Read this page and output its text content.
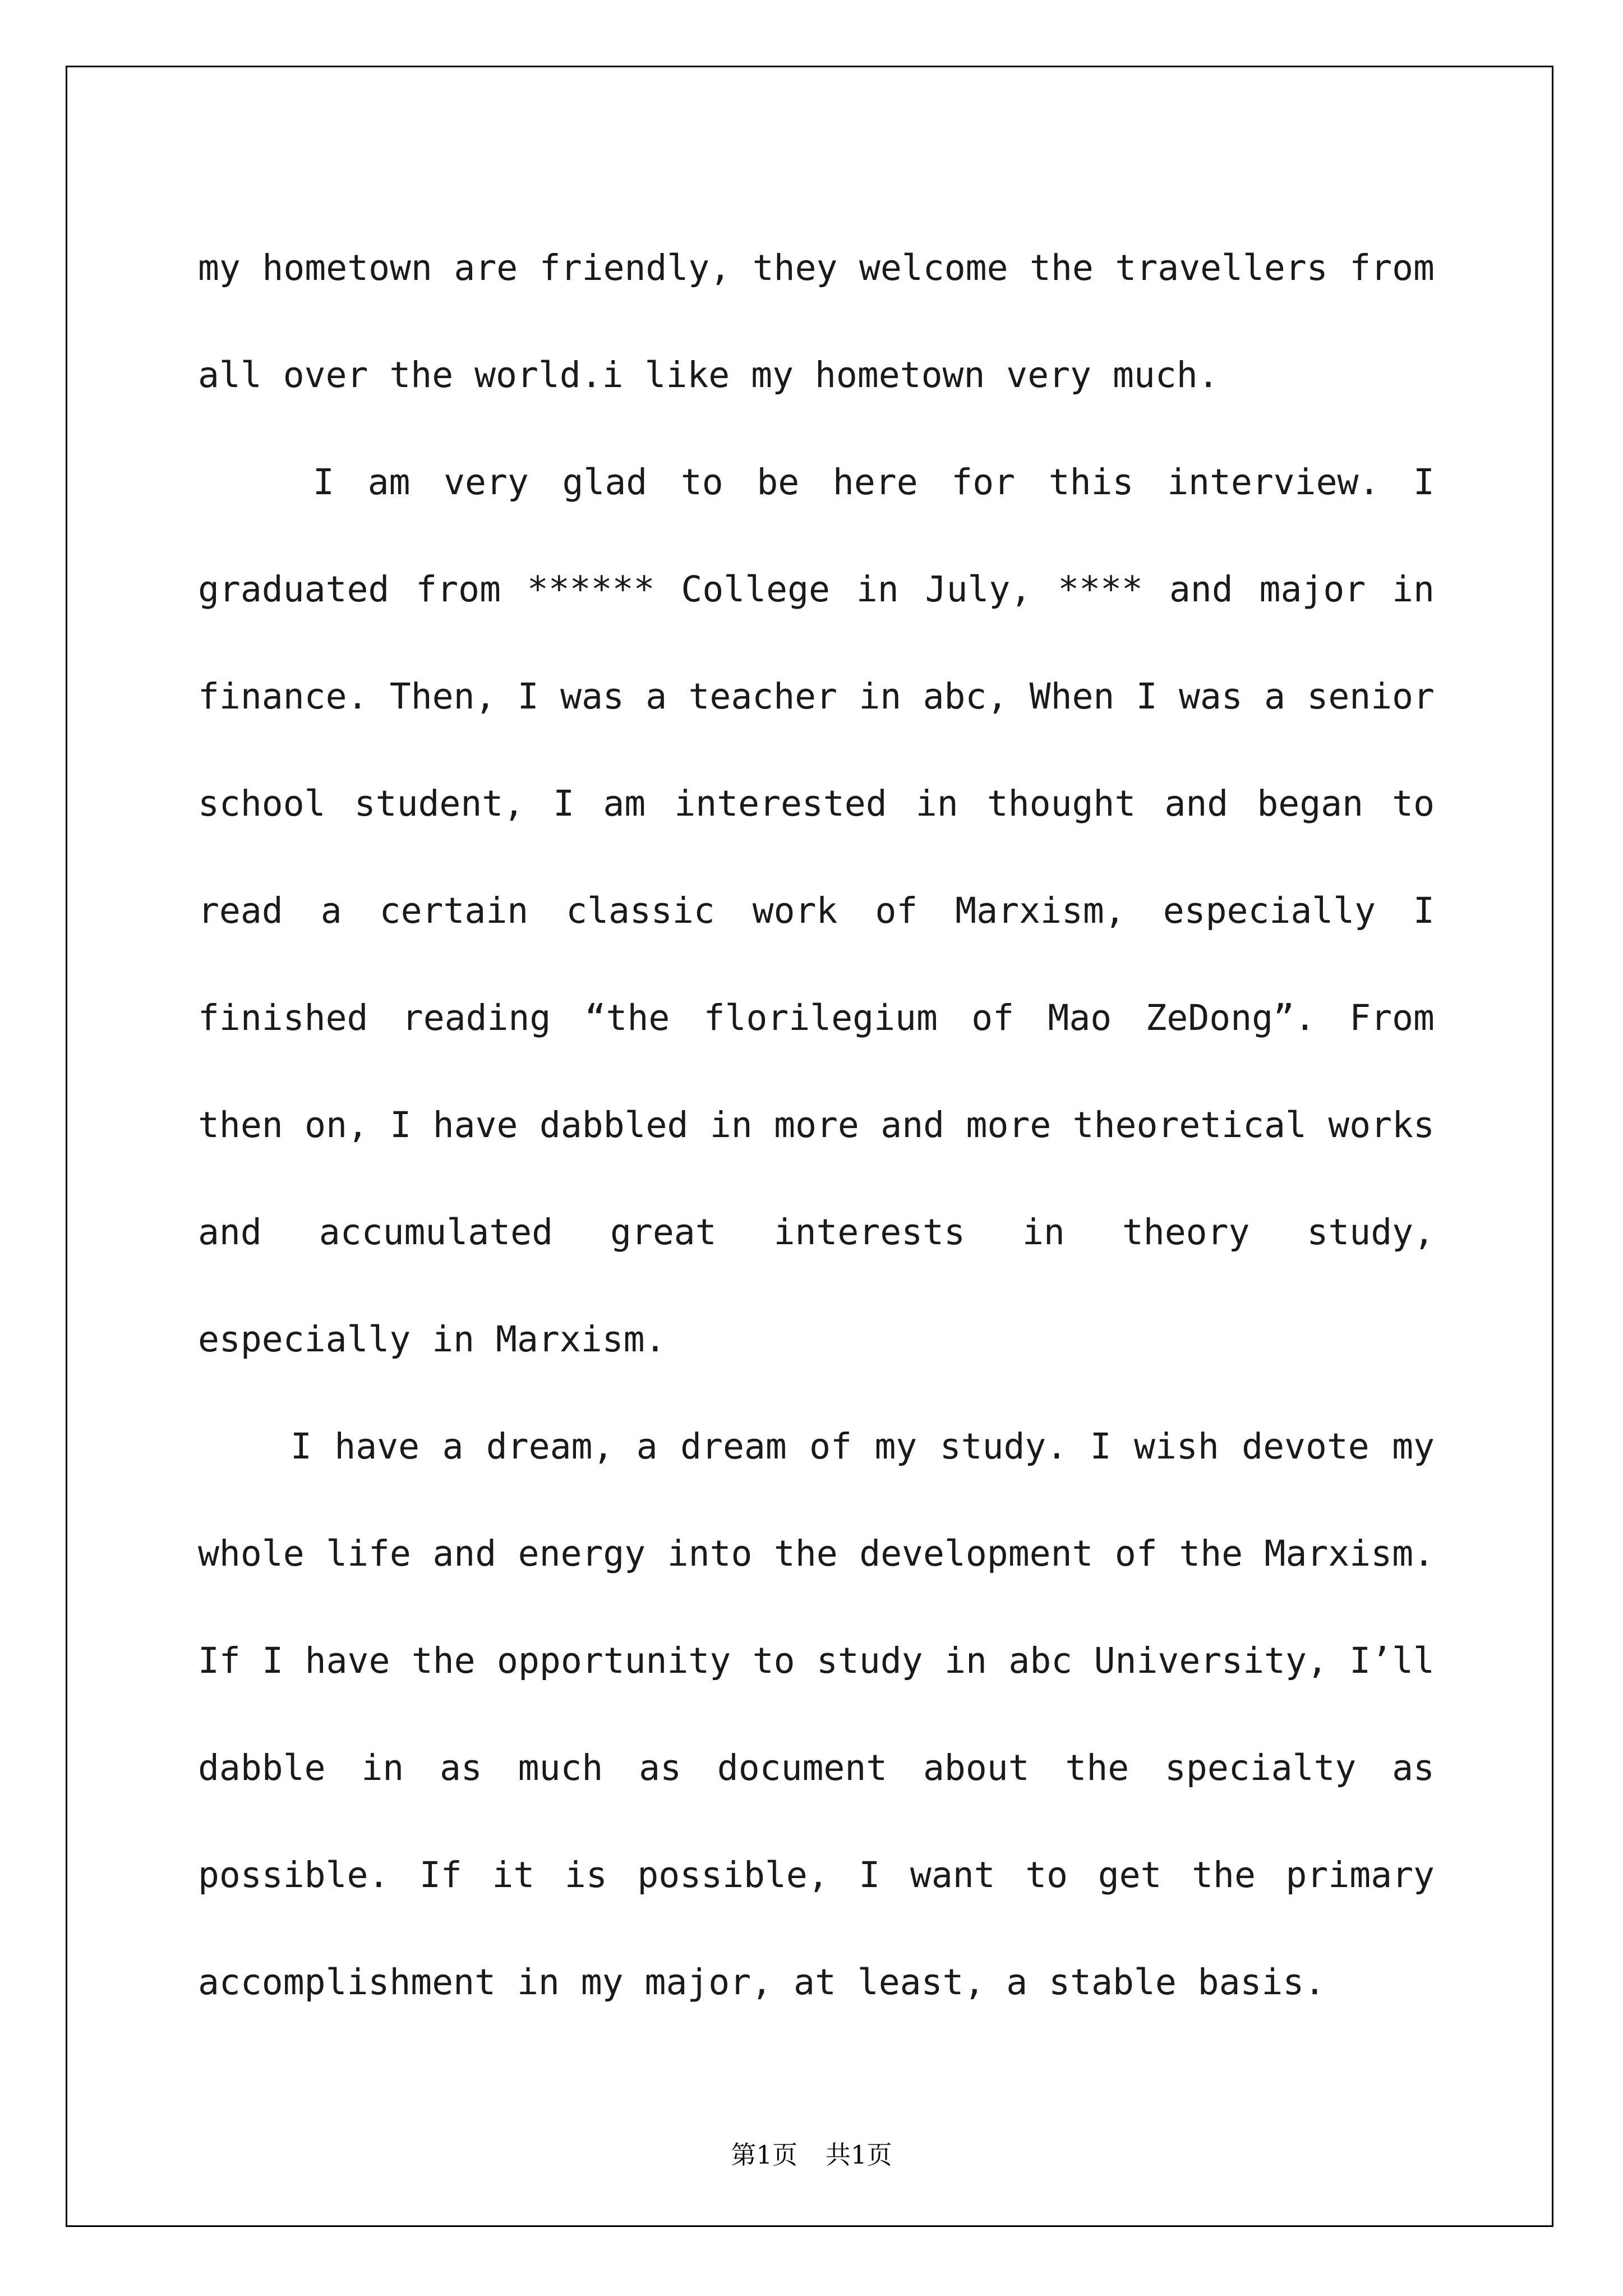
my hometown are friendly, they welcome the travellers from all over the world.i like my hometown very much.

I am very glad to be here for this interview. I graduated from ****** College in July, **** and major in finance. Then, I was a teacher in abc, When I was a senior school student, I am interested in thought and began to read a certain classic work of Marxism, especially I finished reading “the florilegium of Mao ZeDong”. From then on, I have dabbled in more and more theoretical works and accumulated great interests in theory study, especially in Marxism.

I have a dream, a dream of my study. I wish devote my whole life and energy into the development of the Marxism. If I have the opportunity to study in abc University, I’ll dabble in as much as document about the specialty as possible. If it is possible, I want to get the primary accomplishment in my major, at least, a stable basis.

第1页 共1页
